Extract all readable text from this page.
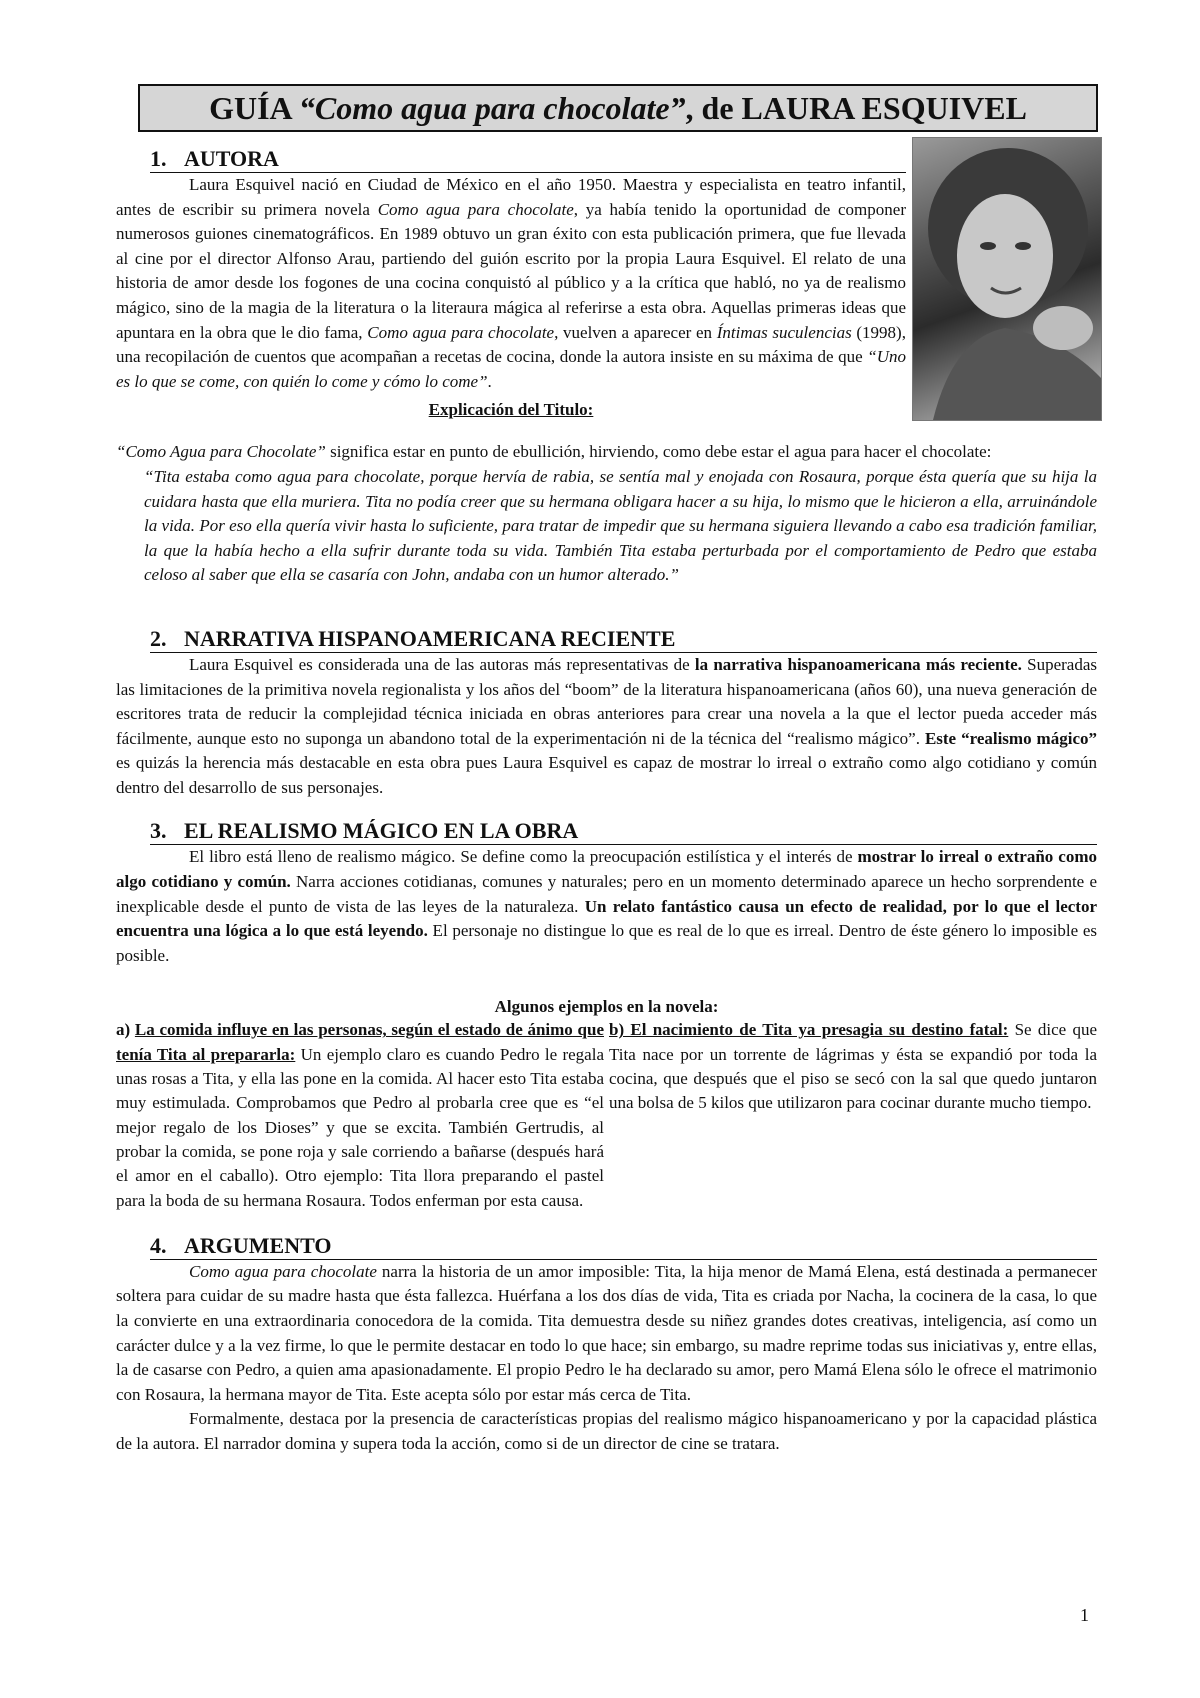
GUÍA “Como agua para chocolate”, de LAURA ESQUIVEL
1. AUTORA

Laura Esquivel nació en Ciudad de México en el año 1950. Maestra y especialista en teatro infantil, antes de escribir su primera novela Como agua para chocolate, ya había tenido la oportunidad de componer numerosos guiones cinematográficos. En 1989 obtuvo un gran éxito con esta publicación primera, que fue llevada al cine por el director Alfonso Arau, partiendo del guión escrito por la propia Laura Esquivel. El relato de una historia de amor desde los fogones de una cocina conquistó al público y a la crítica que habló, no ya de realismo mágico, sino de la magia de la literatura o la literaura mágica al referirse a esta obra. Aquellas primeras ideas que apuntara en la obra que le dio fama, Como agua para chocolate, vuelven a aparecer en Íntimas suculencias (1998), una recopilación de cuentos que acompañan a recetas de cocina, donde la autora insiste en su máxima de que “Uno es lo que se come, con quién lo come y cómo lo come”.

Explicación del Titulo:

“Como Agua para Chocolate” significa estar en punto de ebullición, hirviendo, como debe estar el agua para hacer el chocolate:

“Tita estaba como agua para chocolate, porque hervía de rabia, se sentía mal y enojada con Rosaura, porque ésta quería que su hija la cuidara hasta que ella muriera. Tita no podía creer que su hermana obligara hacer a su hija, lo mismo que le hicieron a ella, arruinándole la vida. Por eso ella quería vivir hasta lo suficiente, para tratar de impedir que su hermana siguiera llevando a cabo esa tradición familiar, la que la había hecho a ella sufrir durante toda su vida. También Tita estaba perturbada por el comportamiento de Pedro que estaba celoso al saber que ella se casaría con John, andaba con un humor alterado.”

2. NARRATIVA HISPANOAMERICANA RECIENTE

Laura Esquivel es considerada una de las autoras más representativas de la narrativa hispanoamericana más reciente. Superadas las limitaciones de la primitiva novela regionalista y los años del “boom” de la literatura hispanoamericana (años 60), una nueva generación de escritores trata de reducir la complejidad técnica iniciada en obras anteriores para crear una novela a la que el lector pueda acceder más fácilmente, aunque esto no suponga un abandono total de la experimentación ni de la técnica del “realismo mágico”. Este “realismo mágico” es quizás la herencia más destacable en esta obra pues Laura Esquivel es capaz de mostrar lo irreal o extraño como algo cotidiano y común dentro del desarrollo de sus personajes.

3. EL REALISMO MÁGICO EN LA OBRA

El libro está lleno de realismo mágico. Se define como la preocupación estilística y el interés de mostrar lo irreal o extraño como algo cotidiano y común. Narra acciones cotidianas, comunes y naturales; pero en un momento determinado aparece un hecho sorprendente e inexplicable desde el punto de vista de las leyes de la naturaleza. Un relato fantástico causa un efecto de realidad, por lo que el lector encuentra una lógica a lo que está leyendo. El personaje no distingue lo que es real de lo que es irreal. Dentro de éste género lo imposible es posible.

Algunos ejemplos en la novela:

a) La comida influye en las personas, según el estado de ánimo que tenía Tita al prepararla: Un ejemplo claro es cuando Pedro le regala unas rosas a Tita, y ella las pone en la comida. Al hacer esto Tita estaba muy estimulada. Comprobamos que Pedro al probarla cree que es “el mejor regalo de los Dioses” y que se excita. También Gertrudis, al probar la comida, se pone roja y sale corriendo a bañarse (después hará el amor en el caballo). Otro ejemplo: Tita llora preparando el pastel para la boda de su hermana Rosaura. Todos enferman por esta causa.

b) El nacimiento de Tita ya presagia su destino fatal: Se dice que Tita nace por un torrente de lágrimas y ésta se expandió por toda la cocina, que después que el piso se secó con la sal que quedo juntaron una bolsa de 5 kilos que utilizaron para cocinar durante mucho tiempo.

4. ARGUMENTO

Como agua para chocolate narra la historia de un amor imposible: Tita, la hija menor de Mamá Elena, está destinada a permanecer soltera para cuidar de su madre hasta que ésta fallezca. Huérfana a los dos días de vida, Tita es criada por Nacha, la cocinera de la casa, lo que la convierte en una extraordinaria conocedora de la comida. Tita demuestra desde su niñez grandes dotes creativas, inteligencia, así como un carácter dulce y a la vez firme, lo que le permite destacar en todo lo que hace; sin embargo, su madre reprime todas sus iniciativas y, entre ellas, la de casarse con Pedro, a quien ama apasionadamente. El propio Pedro le ha declarado su amor, pero Mamá Elena sólo le ofrece el matrimonio con Rosaura, la hermana mayor de Tita. Este acepta sólo por estar más cerca de Tita.

Formalmente, destaca por la presencia de características propias del realismo mágico hispanoamericano y por la capacidad plástica de la autora. El narrador domina y supera toda la acción, como si de un director de cine se tratara.

1
